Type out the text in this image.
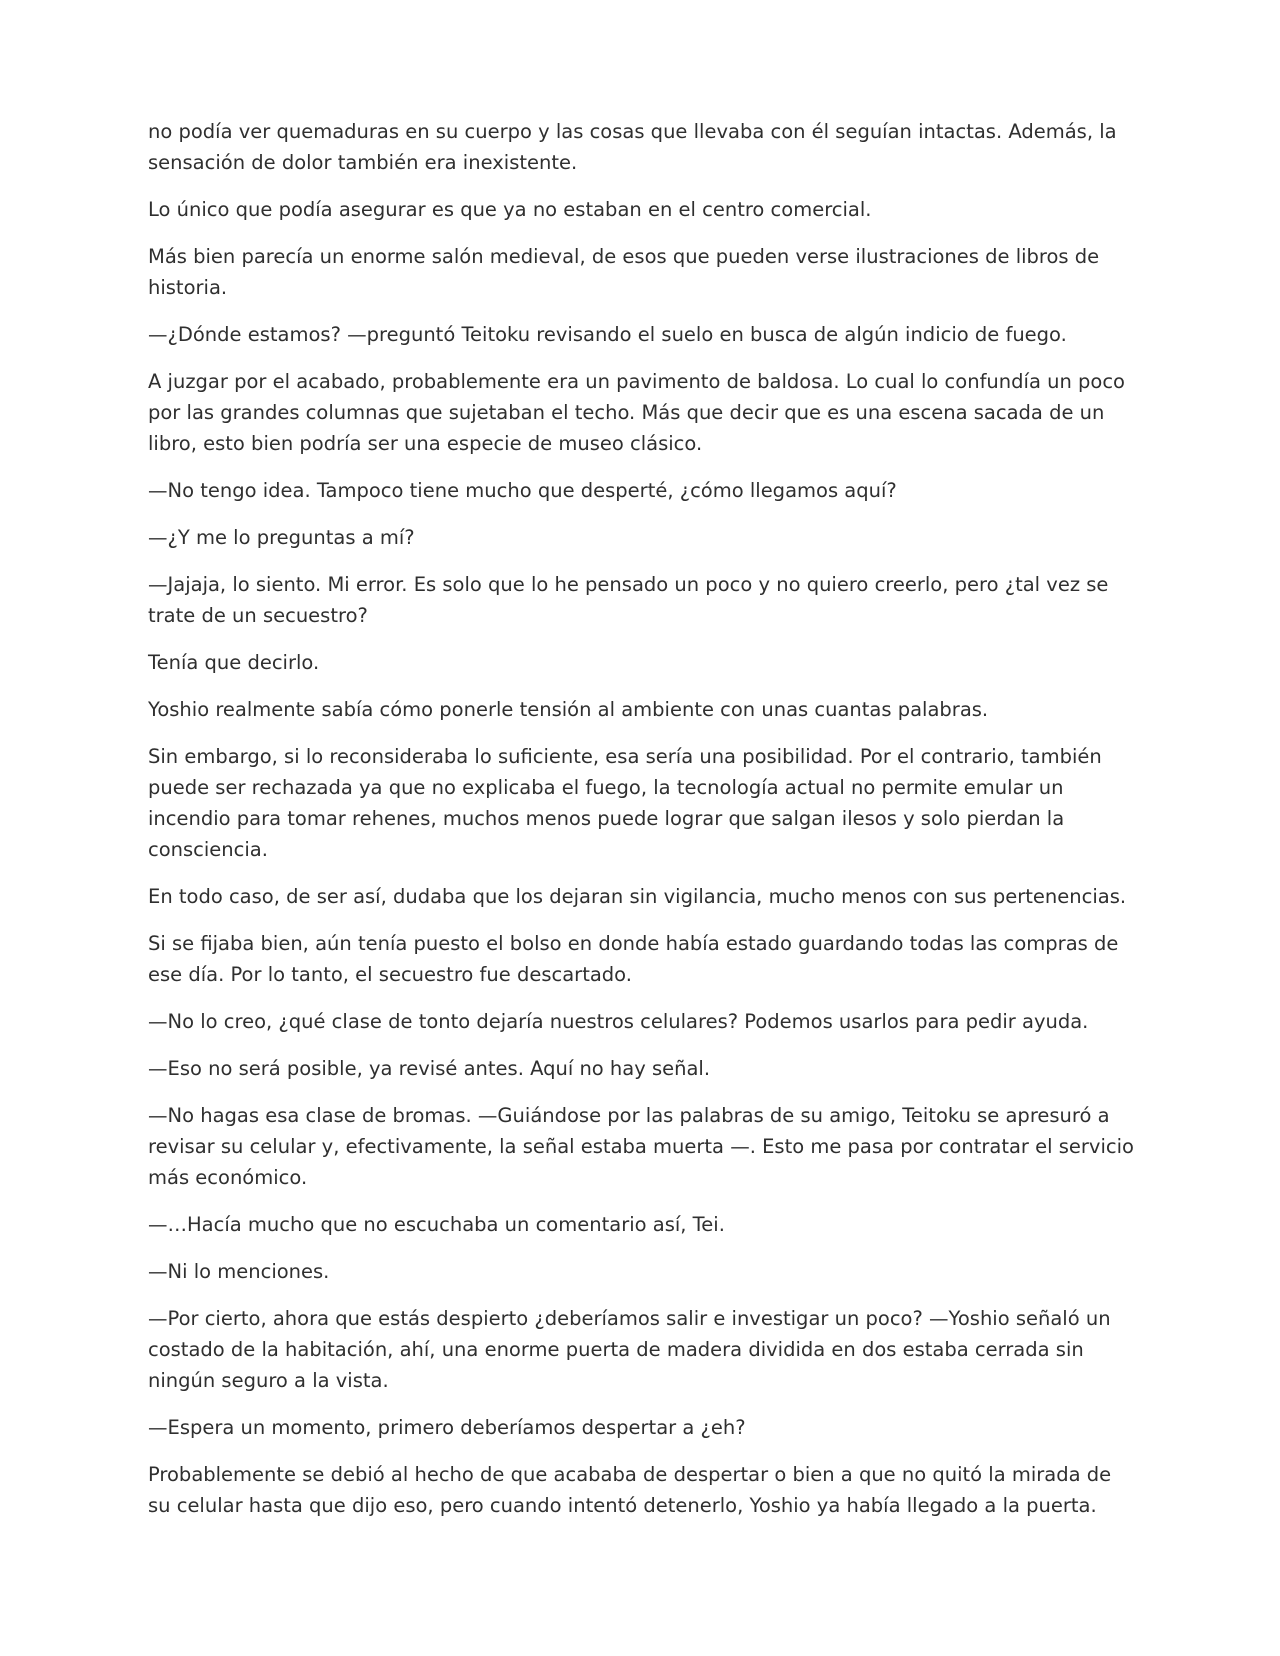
no podía ver quemaduras en su cuerpo y las cosas que llevaba con él seguían intactas. Además, la sensación de dolor también era inexistente.

Lo único que podía asegurar es que ya no estaban en el centro comercial.

Más bien parecía un enorme salón medieval, de esos que pueden verse ilustraciones de libros de historia.

—¿Dónde estamos? —preguntó Teitoku revisando el suelo en busca de algún indicio de fuego.

A juzgar por el acabado, probablemente era un pavimento de baldosa. Lo cual lo confundía un poco por las grandes columnas que sujetaban el techo. Más que decir que es una escena sacada de un libro, esto bien podría ser una especie de museo clásico.

—No tengo idea. Tampoco tiene mucho que desperté, ¿cómo llegamos aquí?

—¿Y me lo preguntas a mí?

—Jajaja, lo siento. Mi error. Es solo que lo he pensado un poco y no quiero creerlo, pero ¿tal vez se trate de un secuestro?

Tenía que decirlo.

Yoshio realmente sabía cómo ponerle tensión al ambiente con unas cuantas palabras.

Sin embargo, si lo reconsideraba lo suficiente, esa sería una posibilidad. Por el contrario, también puede ser rechazada ya que no explicaba el fuego, la tecnología actual no permite emular un incendio para tomar rehenes, muchos menos puede lograr que salgan ilesos y solo pierdan la consciencia.

En todo caso, de ser así, dudaba que los dejaran sin vigilancia, mucho menos con sus pertenencias.

Si se fijaba bien, aún tenía puesto el bolso en donde había estado guardando todas las compras de ese día. Por lo tanto, el secuestro fue descartado.

—No lo creo, ¿qué clase de tonto dejaría nuestros celulares? Podemos usarlos para pedir ayuda.

—Eso no será posible, ya revisé antes. Aquí no hay señal.

—No hagas esa clase de bromas. —Guiándose por las palabras de su amigo, Teitoku se apresuró a revisar su celular y, efectivamente, la señal estaba muerta —. Esto me pasa por contratar el servicio más económico.

—…Hacía mucho que no escuchaba un comentario así, Tei.

—Ni lo menciones.

—Por cierto, ahora que estás despierto ¿deberíamos salir e investigar un poco? —Yoshio señaló un costado de la habitación, ahí, una enorme puerta de madera dividida en dos estaba cerrada sin ningún seguro a la vista.

—Espera un momento, primero deberíamos despertar a ¿eh?

Probablemente se debió al hecho de que acababa de despertar o bien a que no quitó la mirada de su celular hasta que dijo eso, pero cuando intentó detenerlo, Yoshio ya había llegado a la puerta.
